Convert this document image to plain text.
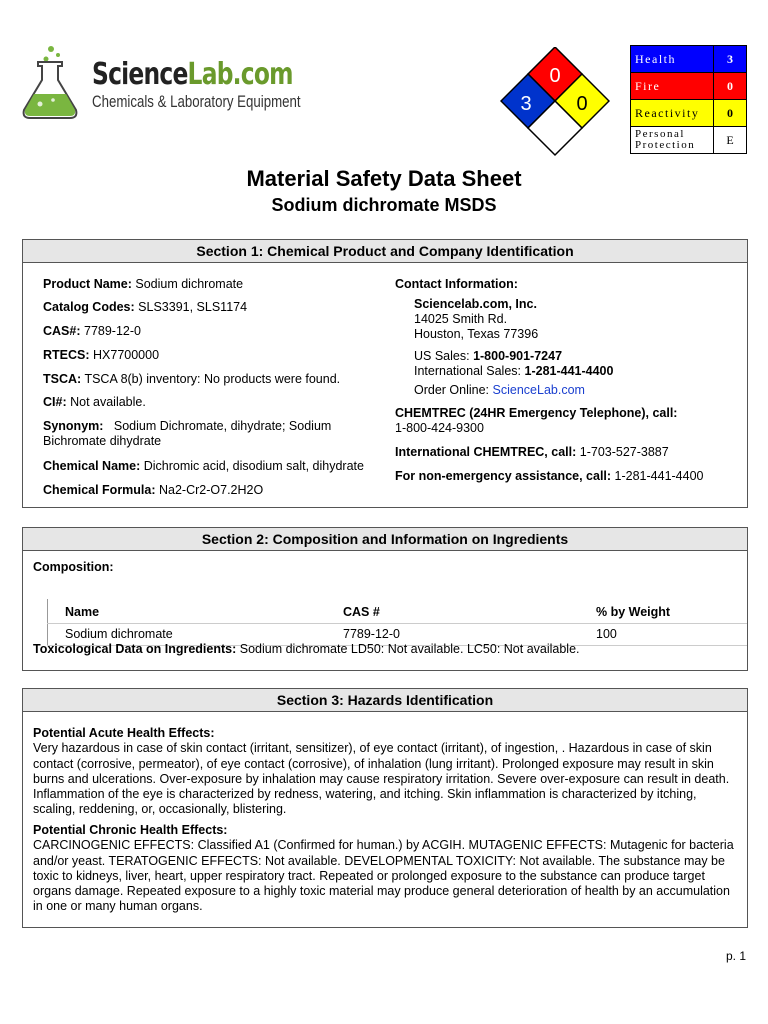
ScienceLab.com
Chemicals & Laboratory Equipment
0
3 0
Health	3
Fire	0
Reactivity	0
Personal
Protection	E
Material Safety Data Sheet
Sodium dichromate MSDS
Section 1: Chemical Product and Company Identification
Product Name: Sodium dichromate
Catalog Codes: SLS3391, SLS1174
CAS#: 7789-12-0
RTECS: HX7700000
TSCA: TSCA 8(b) inventory: No products were found.
CI#: Not available.
Synonym:   Sodium Dichromate, dihydrate; Sodium Bichromate dihydrate
Chemical Name: Dichromic acid, disodium salt, dihydrate
Chemical Formula: Na2-Cr2-O7.2H2O
Contact Information:
Sciencelab.com, Inc.
14025 Smith Rd.
Houston, Texas 77396
US Sales: 1-800-901-7247
International Sales: 1-281-441-4400
Order Online: ScienceLab.com
CHEMTREC (24HR Emergency Telephone), call:
1-800-424-9300
International CHEMTREC, call: 1-703-527-3887
For non-emergency assistance, call: 1-281-441-4400
Section 2: Composition and Information on Ingredients
Composition:
Name	CAS #	% by Weight
Sodium dichromate	7789-12-0	100
Toxicological Data on Ingredients: Sodium dichromate LD50: Not available. LC50: Not available.
Section 3: Hazards Identification
Potential Acute Health Effects:
Very hazardous in case of skin contact (irritant, sensitizer), of eye contact (irritant), of ingestion, . Hazardous in case of skin contact (corrosive, permeator), of eye contact (corrosive), of inhalation (lung irritant). Prolonged exposure may result in skin burns and ulcerations. Over-exposure by inhalation may cause respiratory irritation. Severe over-exposure can result in death. Inflammation of the eye is characterized by redness, watering, and itching. Skin inflammation is characterized by itching, scaling, reddening, or, occasionally, blistering.
Potential Chronic Health Effects:
CARCINOGENIC EFFECTS: Classified A1 (Confirmed for human.) by ACGIH. MUTAGENIC EFFECTS: Mutagenic for bacteria and/or yeast. TERATOGENIC EFFECTS: Not available. DEVELOPMENTAL TOXICITY: Not available. The substance may be toxic to kidneys, liver, heart, upper respiratory tract. Repeated or prolonged exposure to the substance can produce target organs damage. Repeated exposure to a highly toxic material may produce general deterioration of health by an accumulation in one or many human organs.
p. 1
